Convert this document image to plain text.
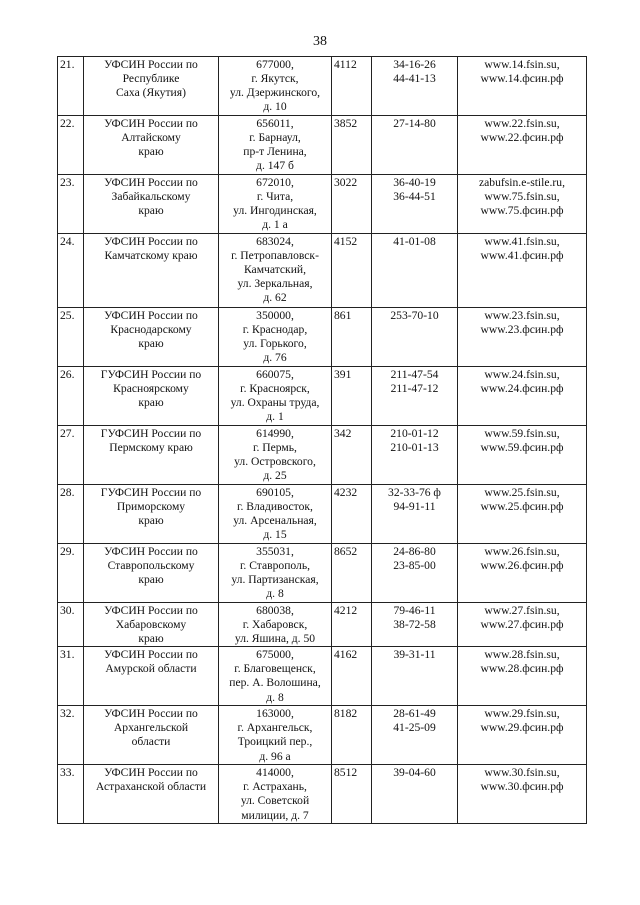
38
21.	УФСИН России по
Республике
Саха (Якутия)	677000,
г. Якутск,
ул. Дзержинского,
д. 10	4112	34-16-26
44-41-13	www.14.fsin.su,
www.14.фсин.рф

22.	УФСИН России по
Алтайскому
краю	656011,
г. Барнаул,
пр-т Ленина,
д. 147 б	3852	27-14-80	www.22.fsin.su,
www.22.фсин.рф

23.	УФСИН России по
Забайкальскому
краю	672010,
г. Чита,
ул. Ингодинская,
д. 1 а	3022	36-40-19
36-44-51	zabufsin.e-stile.ru,
www.75.fsin.su,
www.75.фсин.рф

24.	УФСИН России по
Камчатскому краю	683024,
г. Петропавловск-
Камчатский,
ул. Зеркальная,
д. 62	4152	41-01-08	www.41.fsin.su,
www.41.фсин.рф

25.	УФСИН России по
Краснодарскому
краю	350000,
г. Краснодар,
ул. Горького,
д. 76	861	253-70-10	www.23.fsin.su,
www.23.фсин.рф

26.	ГУФСИН России по
Красноярскому
краю	660075,
г. Красноярск,
ул. Охраны труда,
д. 1	391	211-47-54
211-47-12	www.24.fsin.su,
www.24.фсин.рф

27.	ГУФСИН России по
Пермскому краю	614990,
г. Пермь,
ул. Островского,
д. 25	342	210-01-12
210-01-13	www.59.fsin.su,
www.59.фсин.рф

28.	ГУФСИН России по
Приморскому
краю	690105,
г. Владивосток,
ул. Арсенальная,
д. 15	4232	32-33-76 ф
94-91-11	www.25.fsin.su,
www.25.фсин.рф

29.	УФСИН России по
Ставропольскому
краю	355031,
г. Ставрополь,
ул. Партизанская,
д. 8	8652	24-86-80
23-85-00	www.26.fsin.su,
www.26.фсин.рф

30.	УФСИН России по
Хабаровскому
краю	680038,
г. Хабаровск,
ул. Яшина, д. 50	4212	79-46-11
38-72-58	www.27.fsin.su,
www.27.фсин.рф

31.	УФСИН России по
Амурской области	675000,
г. Благовещенск,
пер. А. Волошина,
д. 8	4162	39-31-11	www.28.fsin.su,
www.28.фсин.рф

32.	УФСИН России по
Архангельской
области	163000,
г. Архангельск,
Троицкий пер.,
д. 96 а	8182	28-61-49
41-25-09	www.29.fsin.su,
www.29.фсин.рф

33.	УФСИН России по
Астраханской области	414000,
г. Астрахань,
ул. Советской
милиции, д. 7	8512	39-04-60	www.30.fsin.su,
www.30.фсин.рф
